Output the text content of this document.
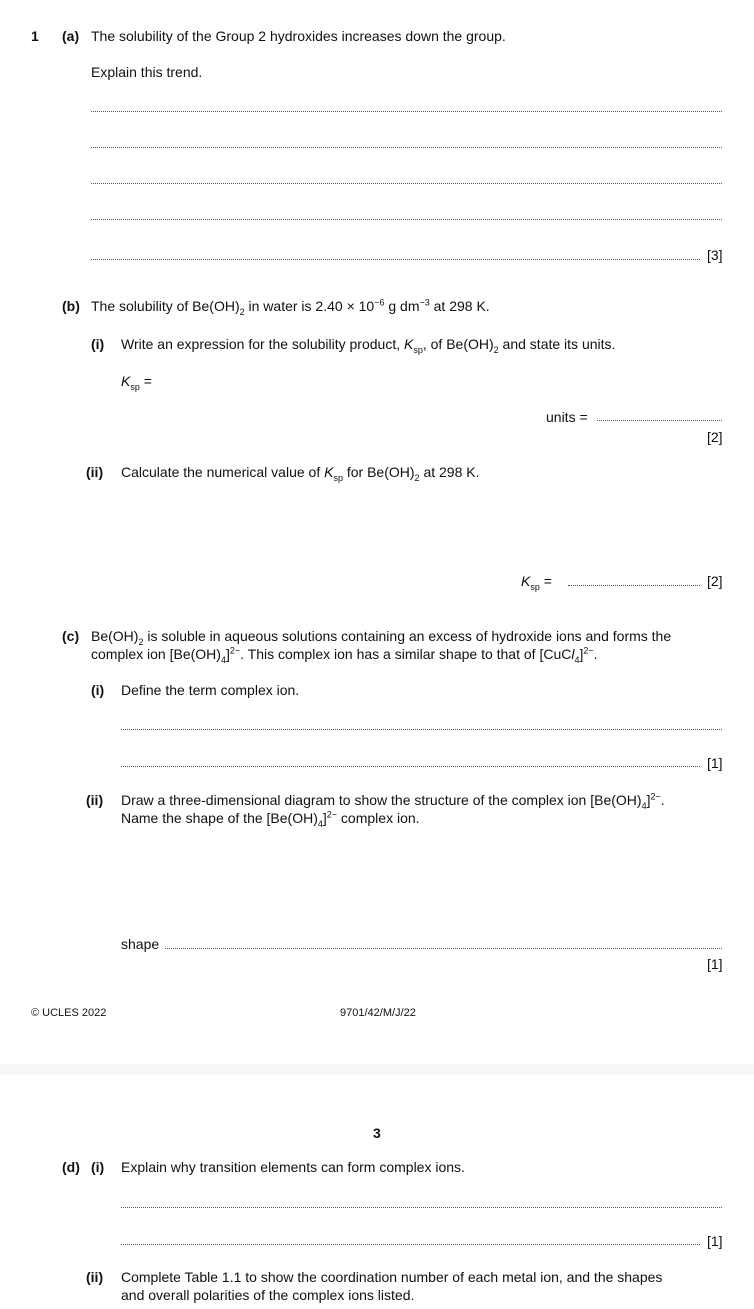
1 (a) The solubility of the Group 2 hydroxides increases down the group.
Explain this trend.
[3]
(b) The solubility of $Be(OH)_2$ in water is $2.40 \times 10^{-6}$ g $dm^{-3}$ at 298 K.
(i) Write an expression for the solubility product, $K_{sp}$, of $Be(OH)_2$ and state its units.
$K_{sp}$ =
units =
[2]
(ii) Calculate the numerical value of $K_{sp}$ for $Be(OH)_2$ at 298 K.
$K_{sp}$ =	[2]
(c) $Be(OH)_2$ is soluble in aqueous solutions containing an excess of hydroxide ions and forms the
complex ion $[Be(OH)_4]^{2-}$. This complex ion has a similar shape to that of [CuCl$_4$]$^{2-}$.
(i) Define the term complex ion.
[1]
(ii) Draw a three-dimensional diagram to show the structure of the complex ion $[Be(OH)_4]^{2-}$.
Name the shape of the $[Be(OH)_4]^{2-}$ complex ion.
shape
[1]
© UCLES 2022	9701/42/M/J/22
3
(d) (i) Explain why transition elements can form complex ions.
[1]
(ii) Complete Table 1.1 to show the coordination number of each metal ion, and the shapes
and overall polarities of the complex ions listed.
